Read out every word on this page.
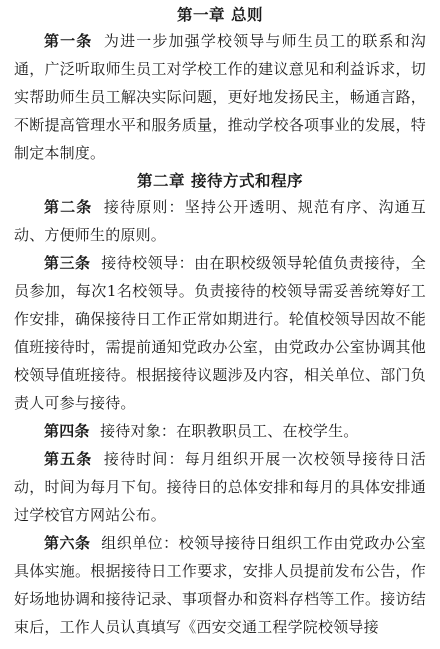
第一章 总则

第一条 为进一步加强学校领导与师生员工的联系和沟通，广泛听取师生员工对学校工作的建议意见和利益诉求，切实帮助师生员工解决实际问题，更好地发扬民主，畅通言路，不断提高管理水平和服务质量，推动学校各项事业的发展，特制定本制度。

第二章 接待方式和程序

第二条 接待原则：坚持公开透明、规范有序、沟通互动、方便师生的原则。

第三条 接待校领导：由在职校级领导轮值负责接待，全员参加，每次1名校领导。负责接待的校领导需妥善统筹好工作安排，确保接待日工作正常如期进行。轮值校领导因故不能值班接待时，需提前通知党政办公室，由党政办公室协调其他校领导值班接待。根据接待议题涉及内容，相关单位、部门负责人可参与接待。

第四条 接待对象：在职教职员工、在校学生。

第五条 接待时间：每月组织开展一次校领导接待日活动，时间为每月下旬。接待日的总体安排和每月的具体安排通过学校官方网站公布。

第六条 组织单位：校领导接待日组织工作由党政办公室具体实施。根据接待日工作要求，安排人员提前发布公告，作好场地协调和接待记录、事项督办和资料存档等工作。接访结束后，工作人员认真填写《西安交通工程学院校领导接
